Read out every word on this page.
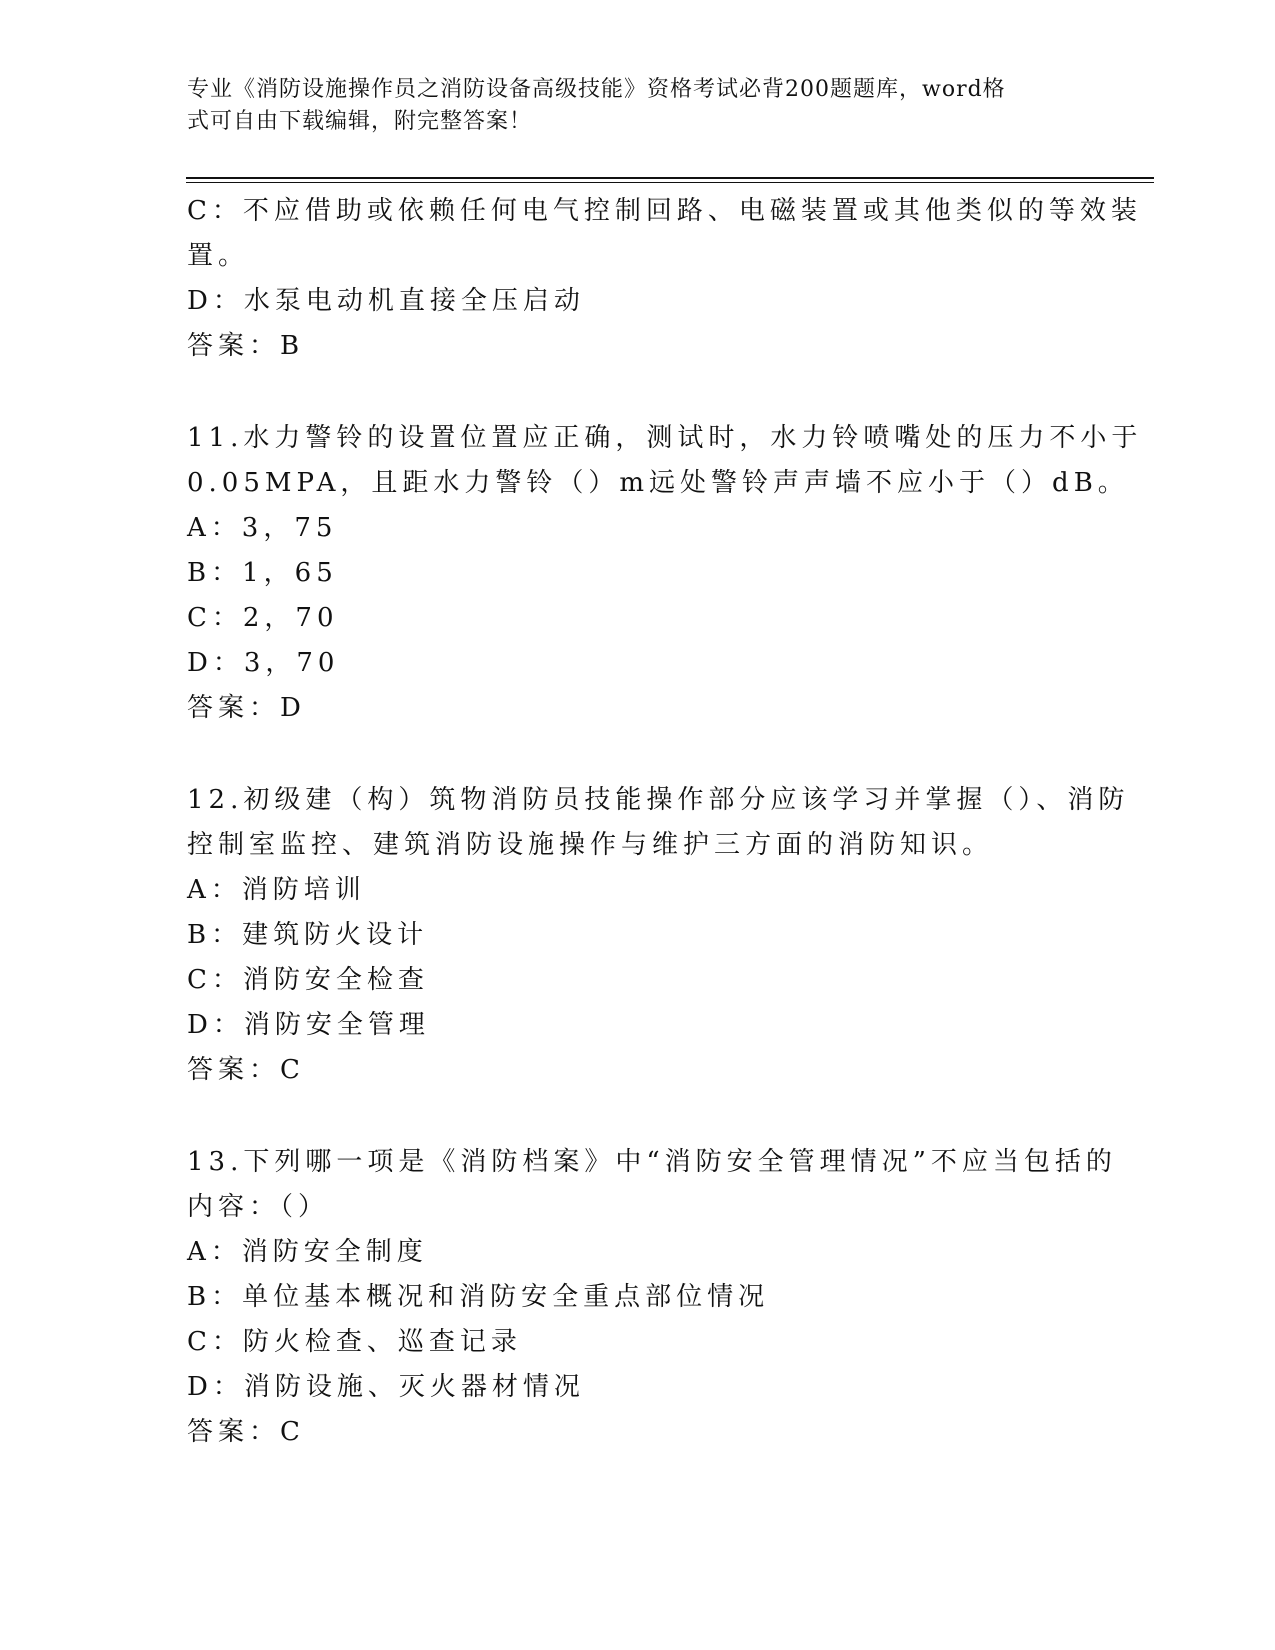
专业《消防设施操作员之消防设备高级技能》资格考试必背200题题库，word格
式可自由下载编辑，附完整答案！
C：不应借助或依赖任何电气控制回路、电磁装置或其他类似的等效装
置。
D：水泵电动机直接全压启动
答案：B
11.水力警铃的设置位置应正确，测试时，水力铃喷嘴处的压力不小于
0.05MPA，且距水力警铃（）m远处警铃声声墙不应小于（）dB。
A：3，75
B：1，65
C：2，70
D：3，70
答案：D
12.初级建（构）筑物消防员技能操作部分应该学习并掌握（）、消防
控制室监控、建筑消防设施操作与维护三方面的消防知识。
A：消防培训
B：建筑防火设计
C：消防安全检查
D：消防安全管理
答案：C
13.下列哪一项是《消防档案》中“消防安全管理情况”不应当包括的
内容：（）
A：消防安全制度
B：单位基本概况和消防安全重点部位情况
C：防火检查、巡查记录
D：消防设施、灭火器材情况
答案：C
